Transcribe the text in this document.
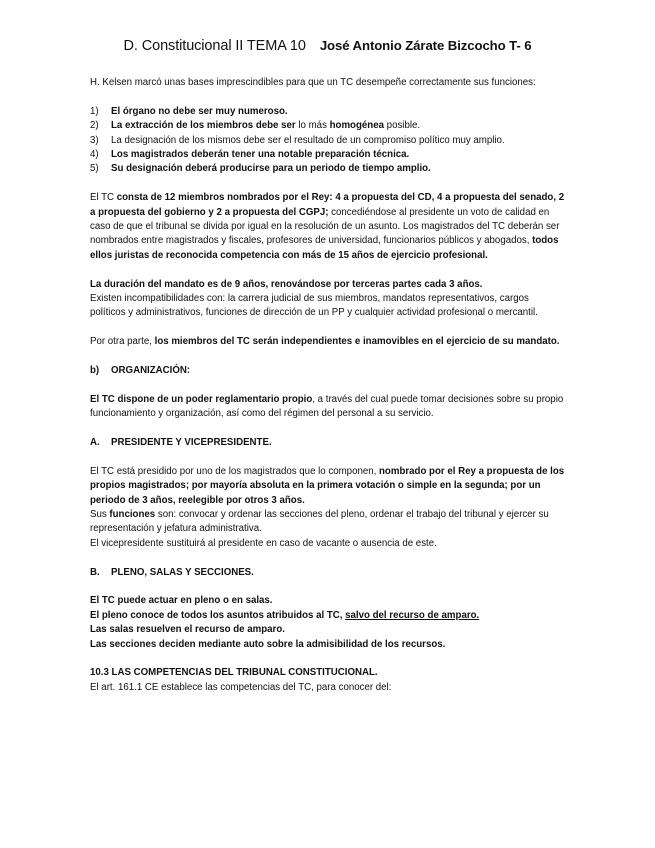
D. Constitucional II TEMA 10 José Antonio Zárate Bizcocho T- 6

H. Kelsen marcó unas bases imprescindibles para que un TC desempeñe correctamente sus funciones:

1) El órgano no debe ser muy numeroso.
2) La extracción de los miembros debe ser lo más homogénea posible.
3) La designación de los mismos debe ser el resultado de un compromiso político muy amplio.
4) Los magistrados deberán tener una notable preparación técnica.
5) Su designación deberá producirse para un periodo de tiempo amplio.

El TC consta de 12 miembros nombrados por el Rey: 4 a propuesta del CD, 4 a propuesta del senado, 2 a propuesta del gobierno y 2 a propuesta del CGPJ; concediéndose al presidente un voto de calidad en caso de que el tribunal se divida por igual en la resolución de un asunto. Los magistrados del TC deberán ser nombrados entre magistrados y fiscales, profesores de universidad, funcionarios públicos y abogados, todos ellos juristas de reconocida competencia con más de 15 años de ejercicio profesional.

La duración del mandato es de 9 años, renovándose por terceras partes cada 3 años.

Existen incompatibilidades con: la carrera judicial de sus miembros, mandatos representativos, cargos políticos y administrativos, funciones de dirección de un PP y cualquier actividad profesional o mercantil.

Por otra parte, los miembros del TC serán independientes e inamovibles en el ejercicio de su mandato.

b) ORGANIZACIÓN:

El TC dispone de un poder reglamentario propio, a través del cual puede tomar decisiones sobre su propio funcionamiento y organización, así como del régimen del personal a su servicio.

A. PRESIDENTE Y VICEPRESIDENTE.

El TC está presidido por uno de los magistrados que lo componen, nombrado por el Rey a propuesta de los propios magistrados; por mayoría absoluta en la primera votación o simple en la segunda; por un periodo de 3 años, reelegible por otros 3 años.

Sus funciones son: convocar y ordenar las secciones del pleno, ordenar el trabajo del tribunal y ejercer su representación y jefatura administrativa.

El vicepresidente sustituirá al presidente en caso de vacante o ausencia de este.

B. PLENO, SALAS Y SECCIONES.

El TC puede actuar en pleno o en salas.

El pleno conoce de todos los asuntos atribuidos al TC, salvo del recurso de amparo.

Las salas resuelven el recurso de amparo.

Las secciones deciden mediante auto sobre la admisibilidad de los recursos.

10.3 LAS COMPETENCIAS DEL TRIBUNAL CONSTITUCIONAL.

El art. 161.1 CE establece las competencias del TC, para conocer del:
